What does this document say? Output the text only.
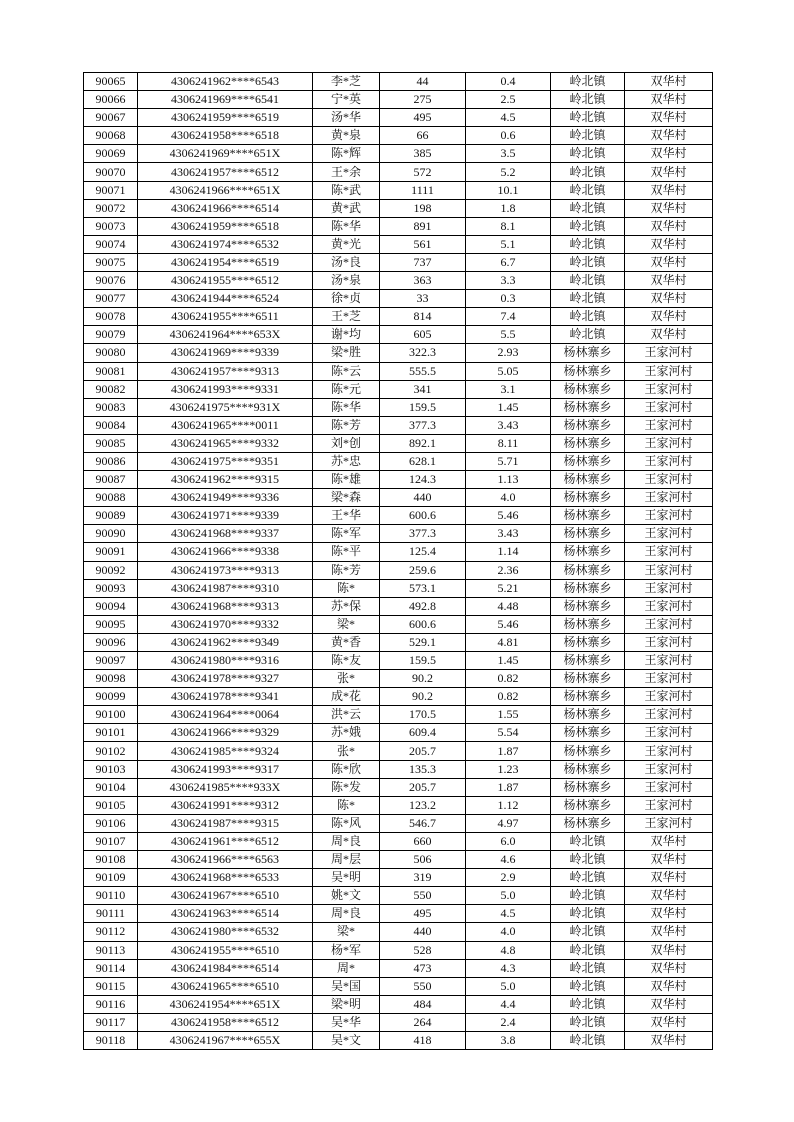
90065	4306241962****6543	李*芝	44	0.4	岭北镇	双华村
90066	4306241969****6541	宁*英	275	2.5	岭北镇	双华村
90067	4306241959****6519	汤*华	495	4.5	岭北镇	双华村
90068	4306241958****6518	黄*泉	66	0.6	岭北镇	双华村
90069	4306241969****651X	陈*辉	385	3.5	岭北镇	双华村
90070	4306241957****6512	王*余	572	5.2	岭北镇	双华村
90071	4306241966****651X	陈*武	1111	10.1	岭北镇	双华村
90072	4306241966****6514	黄*武	198	1.8	岭北镇	双华村
90073	4306241959****6518	陈*华	891	8.1	岭北镇	双华村
90074	4306241974****6532	黄*光	561	5.1	岭北镇	双华村
90075	4306241954****6519	汤*良	737	6.7	岭北镇	双华村
90076	4306241955****6512	汤*泉	363	3.3	岭北镇	双华村
90077	4306241944****6524	徐*贞	33	0.3	岭北镇	双华村
90078	4306241955****6511	王*芝	814	7.4	岭北镇	双华村
90079	4306241964****653X	谢*均	605	5.5	岭北镇	双华村
90080	4306241969****9339	梁*胜	322.3	2.93	杨林寨乡	王家河村
90081	4306241957****9313	陈*云	555.5	5.05	杨林寨乡	王家河村
90082	4306241993****9331	陈*元	341	3.1	杨林寨乡	王家河村
90083	4306241975****931X	陈*华	159.5	1.45	杨林寨乡	王家河村
90084	4306241965****0011	陈*芳	377.3	3.43	杨林寨乡	王家河村
90085	4306241965****9332	刘*创	892.1	8.11	杨林寨乡	王家河村
90086	4306241975****9351	苏*忠	628.1	5.71	杨林寨乡	王家河村
90087	4306241962****9315	陈*雄	124.3	1.13	杨林寨乡	王家河村
90088	4306241949****9336	梁*森	440	4.0	杨林寨乡	王家河村
90089	4306241971****9339	王*华	600.6	5.46	杨林寨乡	王家河村
90090	4306241968****9337	陈*军	377.3	3.43	杨林寨乡	王家河村
90091	4306241966****9338	陈*平	125.4	1.14	杨林寨乡	王家河村
90092	4306241973****9313	陈*芳	259.6	2.36	杨林寨乡	王家河村
90093	4306241987****9310	陈*	573.1	5.21	杨林寨乡	王家河村
90094	4306241968****9313	苏*保	492.8	4.48	杨林寨乡	王家河村
90095	4306241970****9332	梁*	600.6	5.46	杨林寨乡	王家河村
90096	4306241962****9349	黄*香	529.1	4.81	杨林寨乡	王家河村
90097	4306241980****9316	陈*友	159.5	1.45	杨林寨乡	王家河村
90098	4306241978****9327	张*	90.2	0.82	杨林寨乡	王家河村
90099	4306241978****9341	成*花	90.2	0.82	杨林寨乡	王家河村
90100	4306241964****0064	洪*云	170.5	1.55	杨林寨乡	王家河村
90101	4306241966****9329	苏*娥	609.4	5.54	杨林寨乡	王家河村
90102	4306241985****9324	张*	205.7	1.87	杨林寨乡	王家河村
90103	4306241993****9317	陈*欣	135.3	1.23	杨林寨乡	王家河村
90104	4306241985****933X	陈*发	205.7	1.87	杨林寨乡	王家河村
90105	4306241991****9312	陈*	123.2	1.12	杨林寨乡	王家河村
90106	4306241987****9315	陈*风	546.7	4.97	杨林寨乡	王家河村
90107	4306241961****6512	周*良	660	6.0	岭北镇	双华村
90108	4306241966****6563	周*层	506	4.6	岭北镇	双华村
90109	4306241968****6533	吴*明	319	2.9	岭北镇	双华村
90110	4306241967****6510	姚*文	550	5.0	岭北镇	双华村
90111	4306241963****6514	周*良	495	4.5	岭北镇	双华村
90112	4306241980****6532	梁*	440	4.0	岭北镇	双华村
90113	4306241955****6510	杨*军	528	4.8	岭北镇	双华村
90114	4306241984****6514	周*	473	4.3	岭北镇	双华村
90115	4306241965****6510	吴*国	550	5.0	岭北镇	双华村
90116	4306241954****651X	梁*明	484	4.4	岭北镇	双华村
90117	4306241958****6512	吴*华	264	2.4	岭北镇	双华村
90118	4306241967****655X	吴*文	418	3.8	岭北镇	双华村
